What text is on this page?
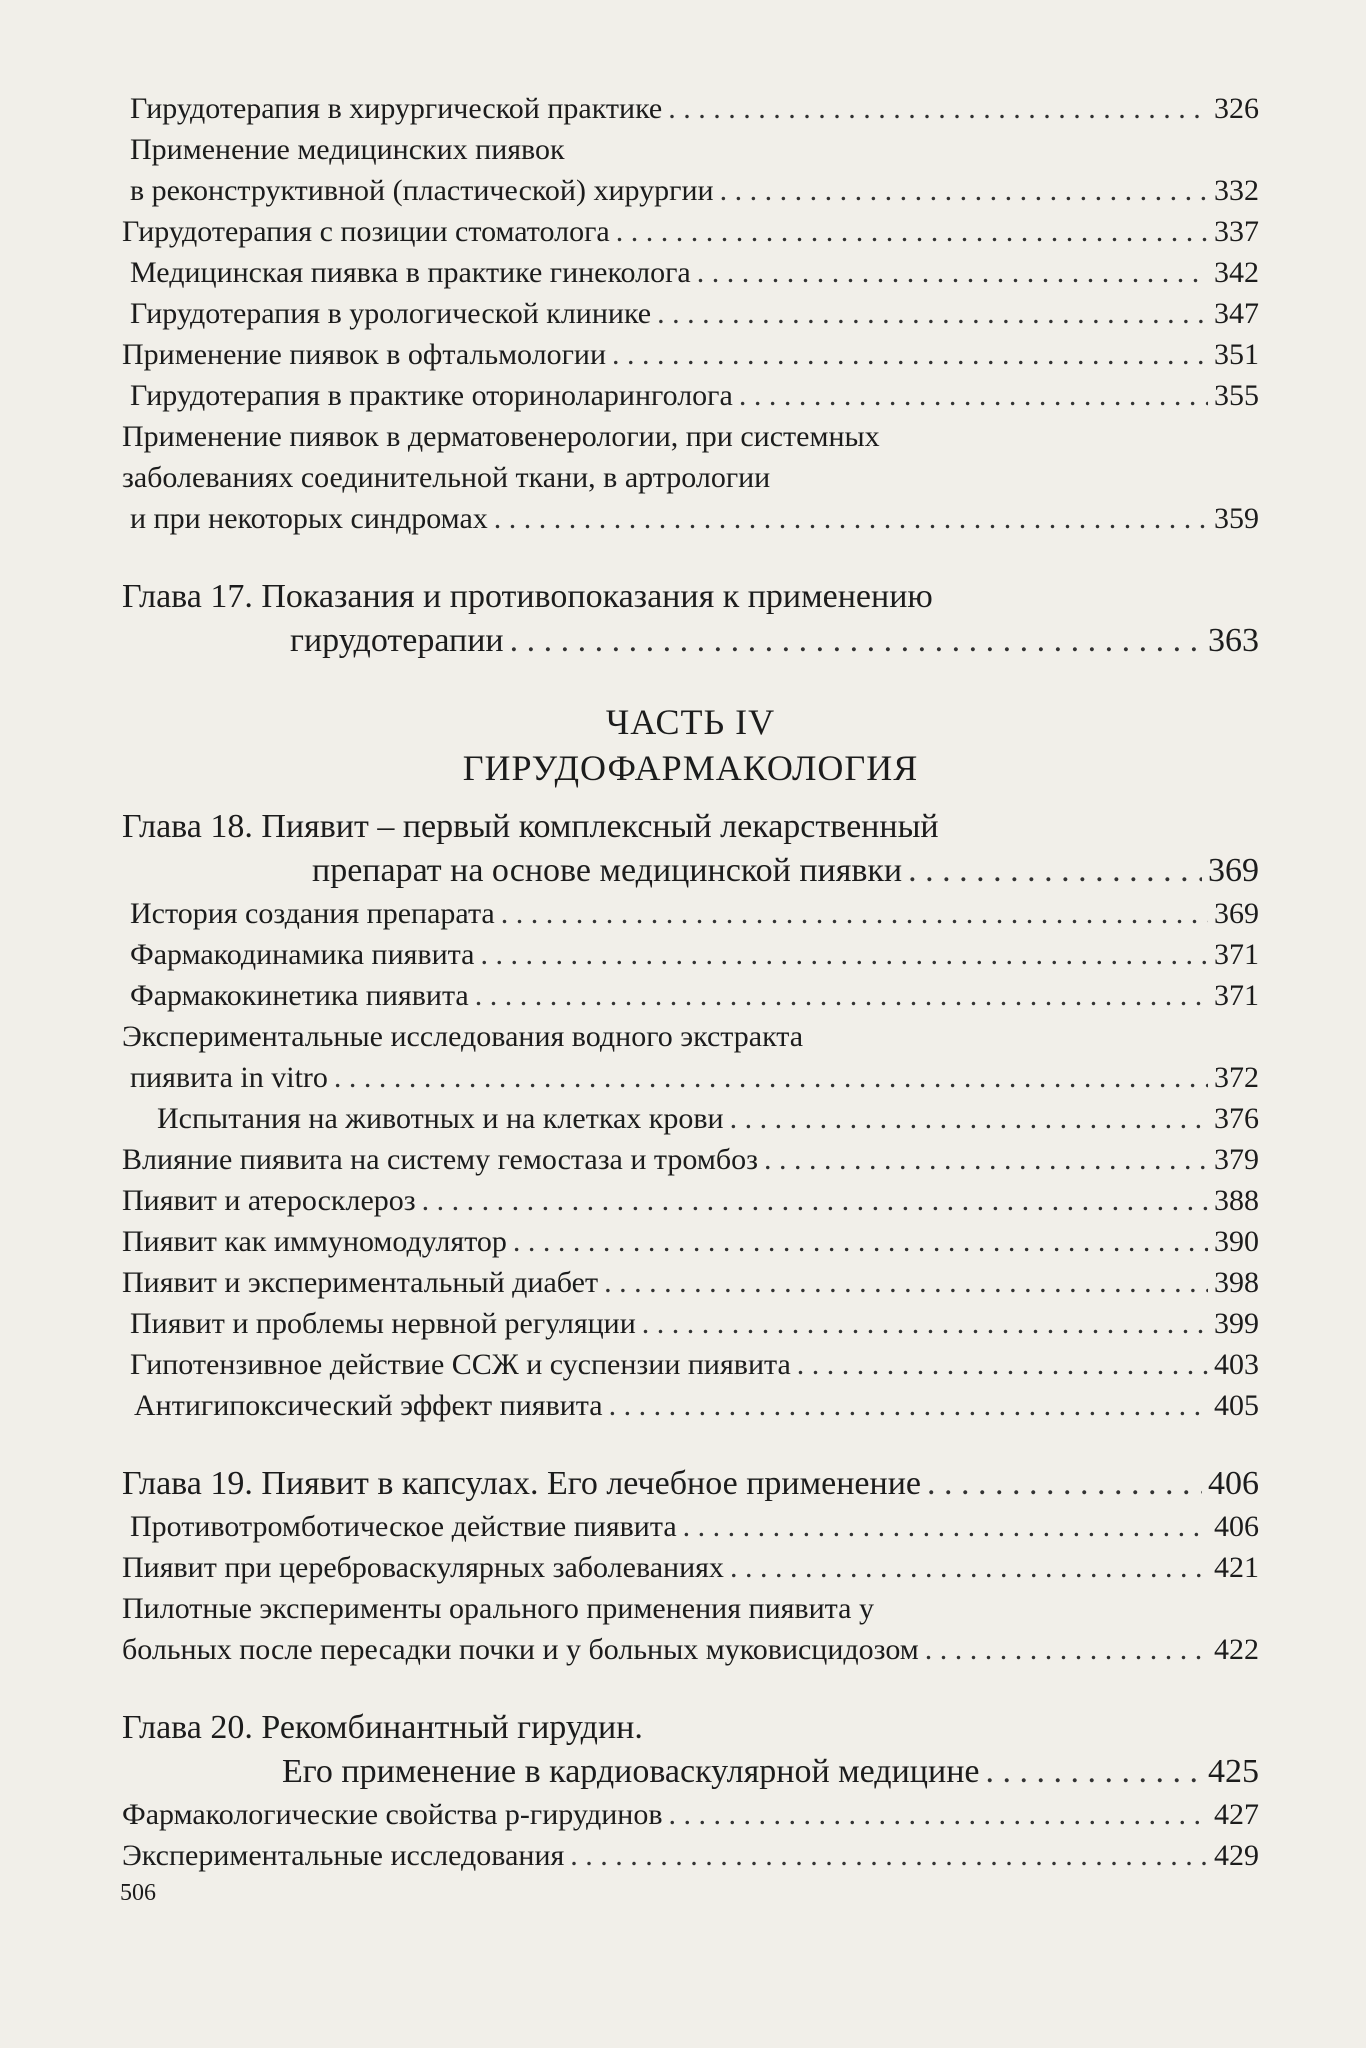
Гирудотерапия в хирургической практике . . .	326
Применение медицинских пиявок
в реконструктивной (пластической) хирургии . . .	332
Гирудотерапия с позиции стоматолога . . .	337
Медицинская пиявка в практике гинеколога . . .	342
Гирудотерапия в урологической клинике . . .	347
Применение пиявок в офтальмологии . . .	351
Гирудотерапия в практике оториноларинголога . . .	355
Применение пиявок в дерматовенерологии, при системных
заболеваниях соединительной ткани, в артрологии
и при некоторых синдромах . . .	359
Глава 17. Показания и противопоказания к применению
гирудотерапии . . .	363
ЧАСТЬ IV
ГИРУДОФАРМАКОЛОГИЯ
Глава 18. Пиявит – первый комплексный лекарственный
препарат на основе медицинской пиявки . . .	369
История создания препарата . . .	369
Фармакодинамика пиявита . . .	371
Фармакокинетика пиявита . . .	371
Экспериментальные исследования водного экстракта
пиявита in vitro . . .	372
Испытания на животных и на клетках крови . . .	376
Влияние пиявита на систему гемостаза и тромбоз . . .	379
Пиявит и атеросклероз . . .	388
Пиявит как иммуномодулятор . . .	390
Пиявит и экспериментальный диабет . . .	398
Пиявит и проблемы нервной регуляции . . .	399
Гипотензивное действие ССЖ и суспензии пиявита . . .	403
Антигипоксический эффект пиявита . . .	405
Глава 19. Пиявит в капсулах. Его лечебное применение . . .	406
Противотромботическое действие пиявита . . .	406
Пиявит при цереброваскулярных заболеваниях . . .	421
Пилотные эксперименты орального применения пиявита у
больных после пересадки почки и у больных муковисцидозом . . .	422
Глава 20. Рекомбинантный гирудин.
Его применение в кардиоваскулярной медицине . . .	425
Фармакологические свойства р-гирудинов . . .	427
Экспериментальные исследования . . .	429
506
